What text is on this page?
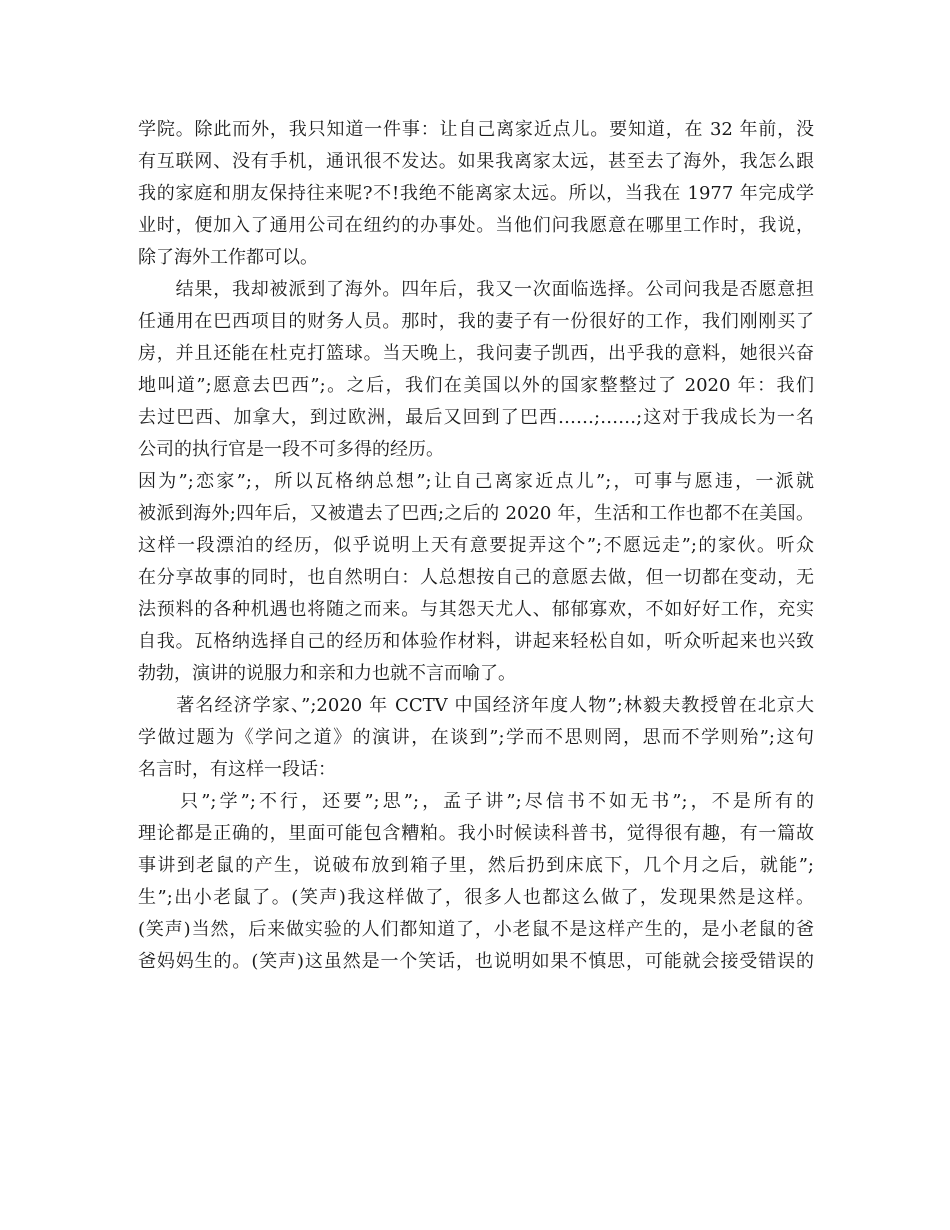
学院。除此而外，我只知道一件事：让自己离家近点儿。要知道，在 32 年前，没
有互联网、没有手机，通讯很不发达。如果我离家太远，甚至去了海外，我怎么跟
我的家庭和朋友保持往来呢?不!我绝不能离家太远。所以，当我在 1977 年完成学
业时，便加入了通用公司在纽约的办事处。当他们问我愿意在哪里工作时，我说，
除了海外工作都可以。
　　结果，我却被派到了海外。四年后，我又一次面临选择。公司问我是否愿意担
任通用在巴西项目的财务人员。那时，我的妻子有一份很好的工作，我们刚刚买了
房，并且还能在杜克打篮球。当天晚上，我问妻子凯西，出乎我的意料，她很兴奋
地叫道”;愿意去巴西”;。之后，我们在美国以外的国家整整过了 2020 年：我们
去过巴西、加拿大，到过欧洲，最后又回到了巴西……;……;这对于我成长为一名
公司的执行官是一段不可多得的经历。
因为”;恋家”;，所以瓦格纳总想”;让自己离家近点儿”;，可事与愿违，一派就
被派到海外;四年后，又被遣去了巴西;之后的 2020 年，生活和工作也都不在美国。
这样一段漂泊的经历，似乎说明上天有意要捉弄这个”;不愿远走”;的家伙。听众
在分享故事的同时，也自然明白：人总想按自己的意愿去做，但一切都在变动，无
法预料的各种机遇也将随之而来。与其怨天尤人、郁郁寡欢，不如好好工作，充实
自我。瓦格纳选择自己的经历和体验作材料，讲起来轻松自如，听众听起来也兴致
勃勃，演讲的说服力和亲和力也就不言而喻了。
　　著名经济学家、”;2020 年 CCTV 中国经济年度人物”;林毅夫教授曾在北京大
学做过题为《学问之道》的演讲，在谈到”;学而不思则罔，思而不学则殆”;这句
名言时，有这样一段话：
　　只”;学”;不行，还要”;思”;，孟子讲”;尽信书不如无书”;，不是所有的
理论都是正确的，里面可能包含糟粕。我小时候读科普书，觉得很有趣，有一篇故
事讲到老鼠的产生，说破布放到箱子里，然后扔到床底下，几个月之后，就能”;
生”;出小老鼠了。(笑声)我这样做了，很多人也都这么做了，发现果然是这样。
(笑声)当然，后来做实验的人们都知道了，小老鼠不是这样产生的，是小老鼠的爸
爸妈妈生的。(笑声)这虽然是一个笑话，也说明如果不慎思，可能就会接受错误的
